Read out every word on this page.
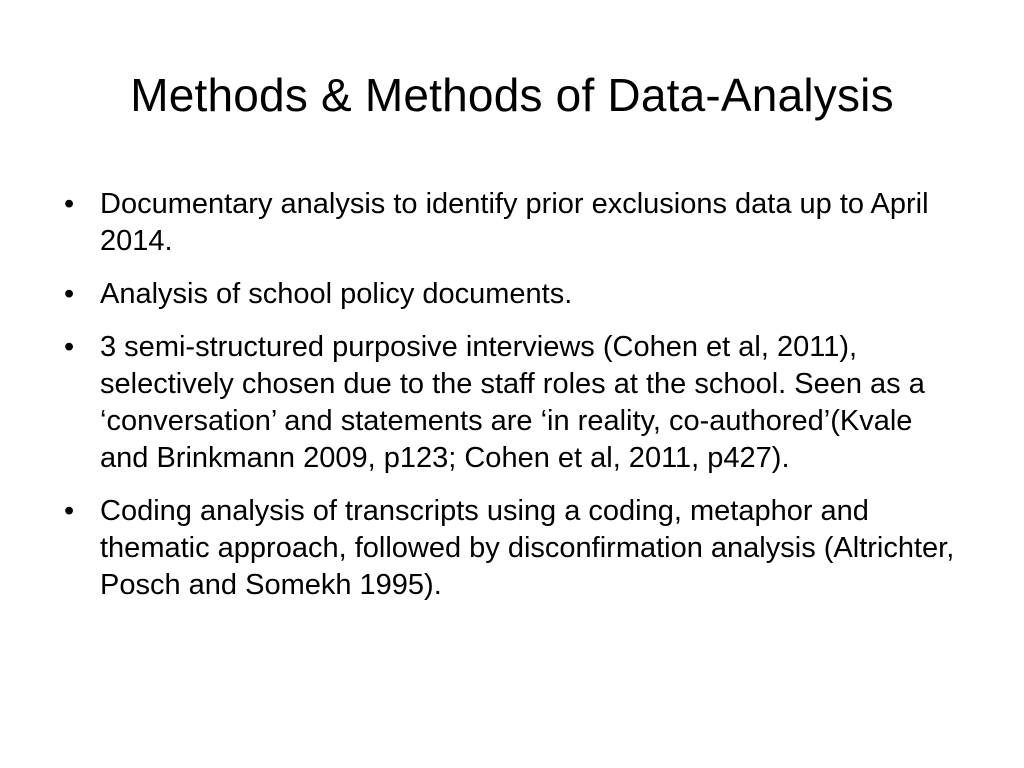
Methods & Methods of Data-Analysis
• Documentary analysis to identify prior exclusions data up to April 2014.
• Analysis of school policy documents.
• 3 semi-structured purposive interviews (Cohen et al, 2011), selectively chosen due to the staff roles at the school. Seen as a ‘conversation’ and statements are ‘in reality, co-authored’(Kvale and Brinkmann 2009, p123; Cohen et al, 2011, p427).
• Coding analysis of transcripts using a coding, metaphor and thematic approach, followed by disconfirmation analysis (Altrichter, Posch and Somekh 1995).
